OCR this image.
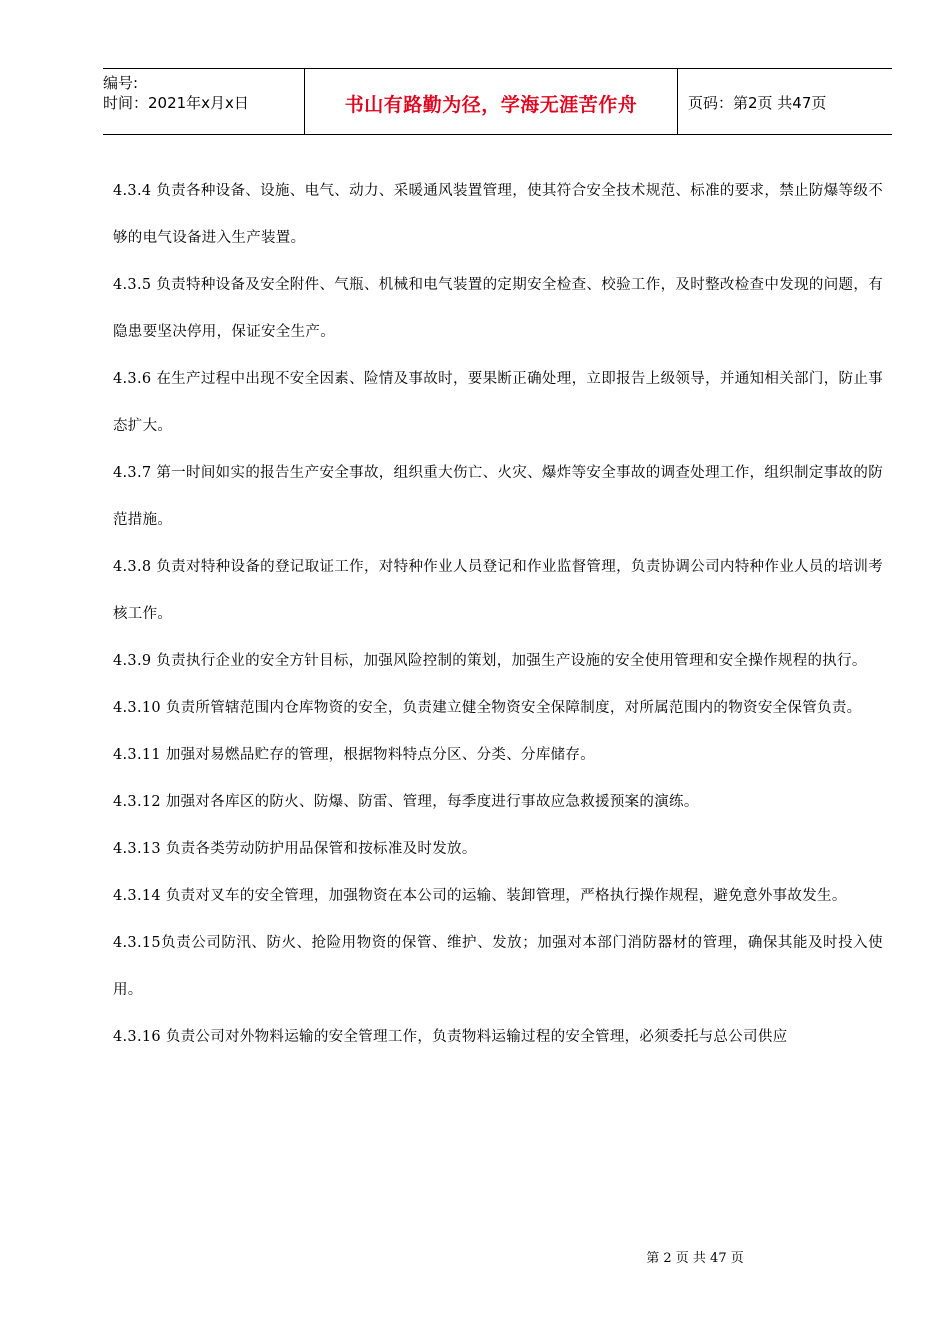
编号:
时间：2021年x月x日	书山有路勤为径，学海无涯苦作舟	页码：第2页 共47页

4.3.4 负责各种设备、设施、电气、动力、采暖通风装置管理，使其符合安全技术规范、标准的要求，禁止防爆等级不够的电气设备进入生产装置。

4.3.5 负责特种设备及安全附件、气瓶、机械和电气装置的定期安全检查、校验工作，及时整改检查中发现的问题，有隐患要坚决停用，保证安全生产。

4.3.6 在生产过程中出现不安全因素、险情及事故时，要果断正确处理，立即报告上级领导，并通知相关部门，防止事态扩大。

4.3.7 第一时间如实的报告生产安全事故，组织重大伤亡、火灾、爆炸等安全事故的调查处理工作，组织制定事故的防范措施。

4.3.8 负责对特种设备的登记取证工作，对特种作业人员登记和作业监督管理，负责协调公司内特种作业人员的培训考核工作。

4.3.9 负责执行企业的安全方针目标，加强风险控制的策划，加强生产设施的安全使用管理和安全操作规程的执行。

4.3.10 负责所管辖范围内仓库物资的安全，负责建立健全物资安全保障制度，对所属范围内的物资安全保管负责。

4.3.11 加强对易燃品贮存的管理，根据物料特点分区、分类、分库储存。

4.3.12 加强对各库区的防火、防爆、防雷、管理，每季度进行事故应急救援预案的演练。

4.3.13 负责各类劳动防护用品保管和按标准及时发放。

4.3.14 负责对叉车的安全管理，加强物资在本公司的运输、装卸管理，严格执行操作规程，避免意外事故发生。

4.3.15负责公司防汛、防火、抢险用物资的保管、维护、发放；加强对本部门消防器材的管理，确保其能及时投入使用。

4.3.16 负责公司对外物料运输的安全管理工作，负责物料运输过程的安全管理，必须委托与总公司供应

第 2 页 共 47 页
